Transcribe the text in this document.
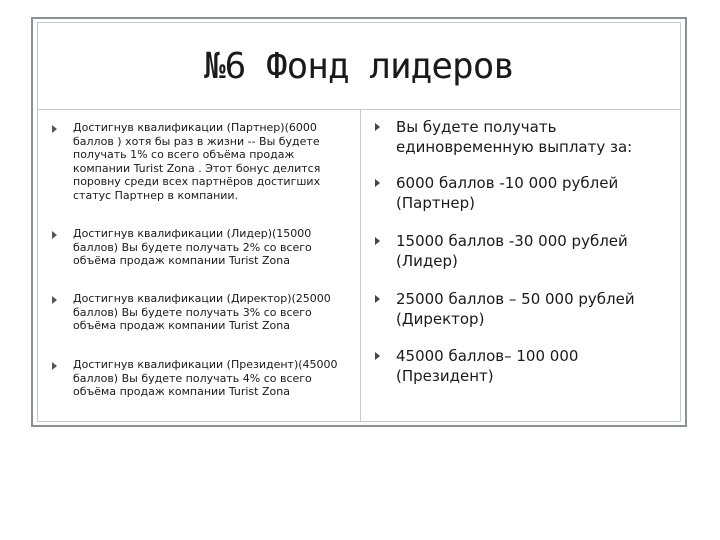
№6 Фонд лидеров
Достигнув квалификации (Партнер)(6000
баллов ) хотя бы раз в жизни -- Вы будете
получать 1% со всего объёма продаж
компании Turist Zona . Этот бонус делится
поровну среди всех партнёров достигших
статус Партнер в компании.
Достигнув квалификации (Лидер)(15000
баллов) Вы будете получать 2% со всего
объёма продаж компании Turist Zona
Достигнув квалификации (Директор)(25000
баллов) Вы будете получать 3% со всего
объёма продаж компании Turist Zona
Достигнув квалификации (Президент)(45000
баллов) Вы будете получать 4% со всего
объёма продаж компании Turist Zona
Вы будете получать
единовременную выплату за:
6000 баллов -10 000 рублей
(Партнер)
15000 баллов -30 000 рублей
(Лидер)
25000 баллов – 50 000 рублей
(Директор)
45000 баллов– 100 000
(Президент)
